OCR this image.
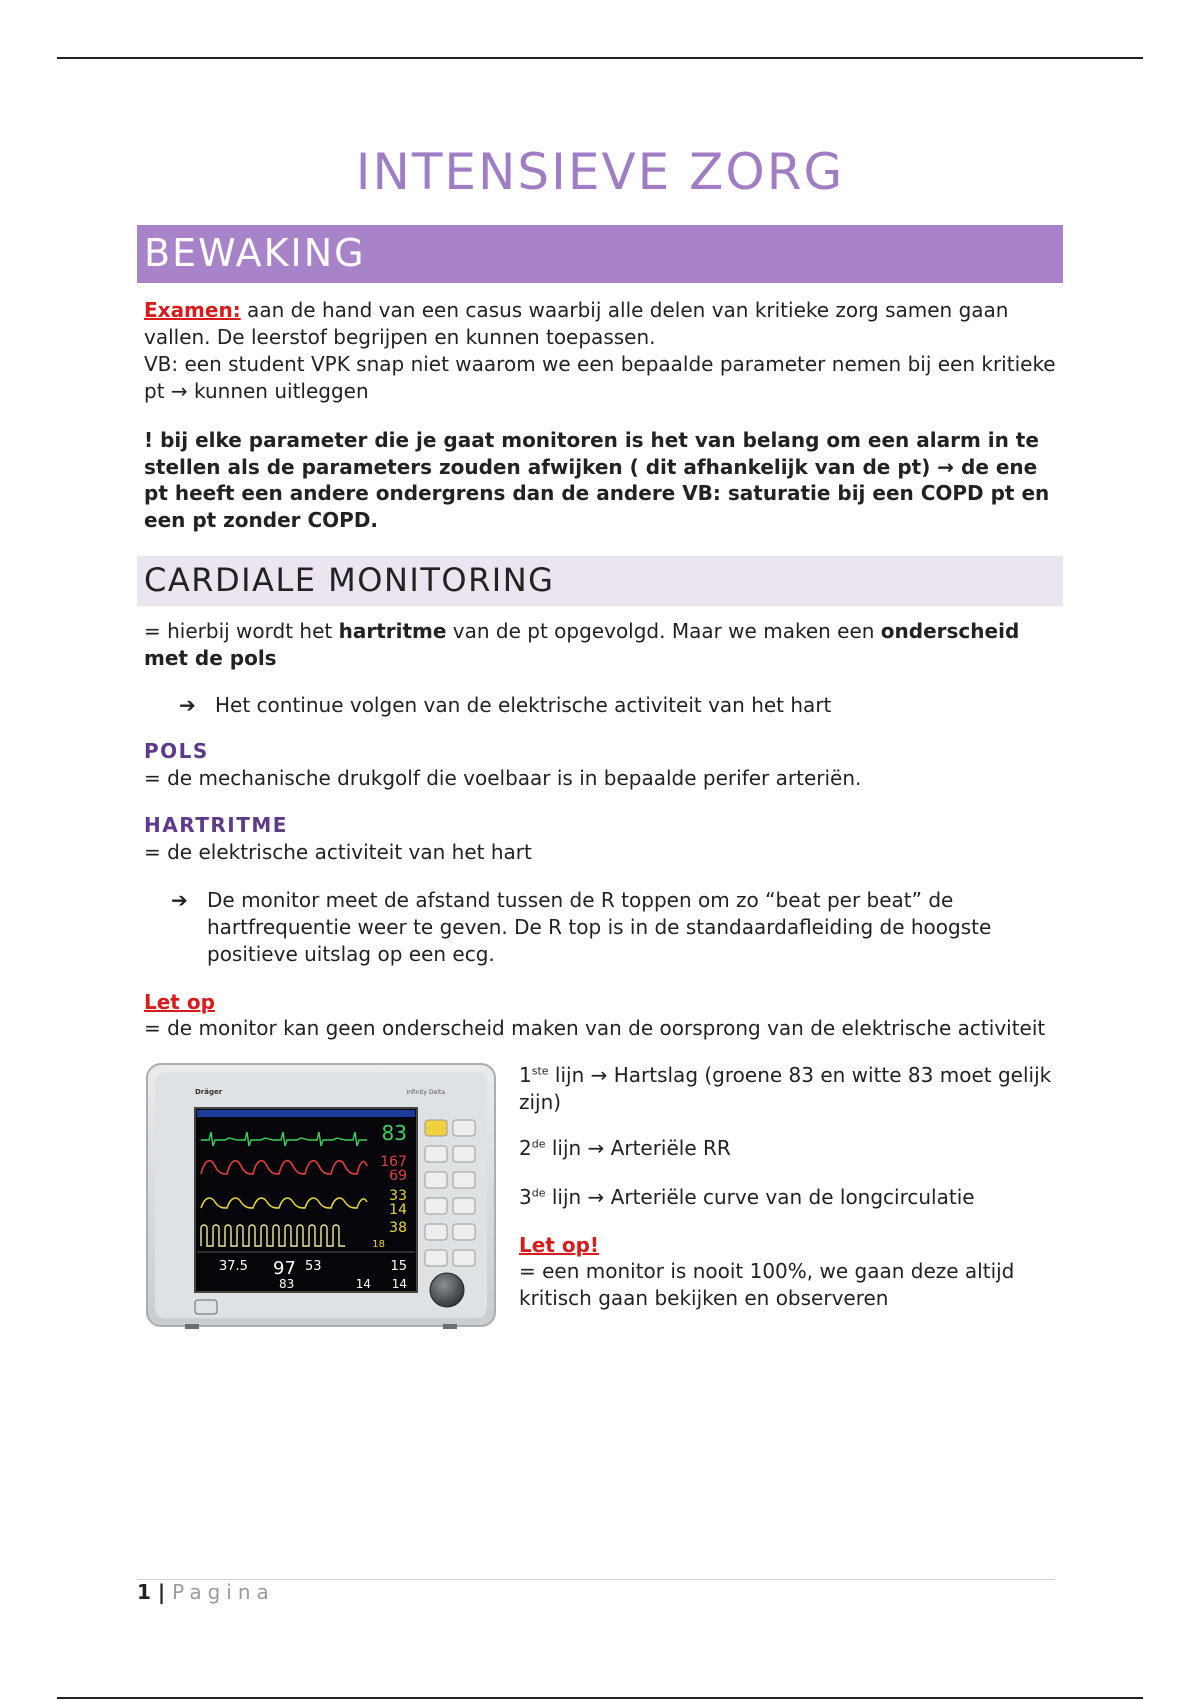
INTENSIEVE ZORG
BEWAKING

Examen: aan de hand van een casus waarbij alle delen van kritieke zorg samen gaan vallen. De leerstof begrijpen en kunnen toepassen.

VB: een student VPK snap niet waarom we een bepaalde parameter nemen bij een kritieke pt → kunnen uitleggen

! bij elke parameter die je gaat monitoren is het van belang om een alarm in te stellen als de parameters zouden afwijken ( dit afhankelijk van de pt) → de ene pt heeft een andere ondergrens dan de andere VB: saturatie bij een COPD pt en een pt zonder COPD.

CARDIALE MONITORING

= hierbij wordt het hartritme van de pt opgevolgd. Maar we maken een onderscheid met de pols

➔ Het continue volgen van de elektrische activiteit van het hart
POLS

= de mechanische drukgolf die voelbaar is in bepaalde perifer arteriën.

HARTRITME

= de elektrische activiteit van het hart

➔ De monitor meet de afstand tussen de R toppen om zo “beat per beat” de hartfrequentie weer te geven. De R top is in de standaardafleiding de hoogste positieve uitslag op een ecg.
Let op

= de monitor kan geen onderscheid maken van de oorsprong van de elektrische activiteit

Dräger	Infinity Delta
83
167
69
33
14
38
18
37.5 97 53
83
15
14 14
1ste lijn → Hartslag (groene 83 en witte 83 moet gelijk zijn)
2de lijn → Arteriële RR
3de lijn → Arteriële curve van de longcirculatie
Let op!
= een monitor is nooit 100%, we gaan deze altijd kritisch gaan bekijken en observeren
1 | Pagina
